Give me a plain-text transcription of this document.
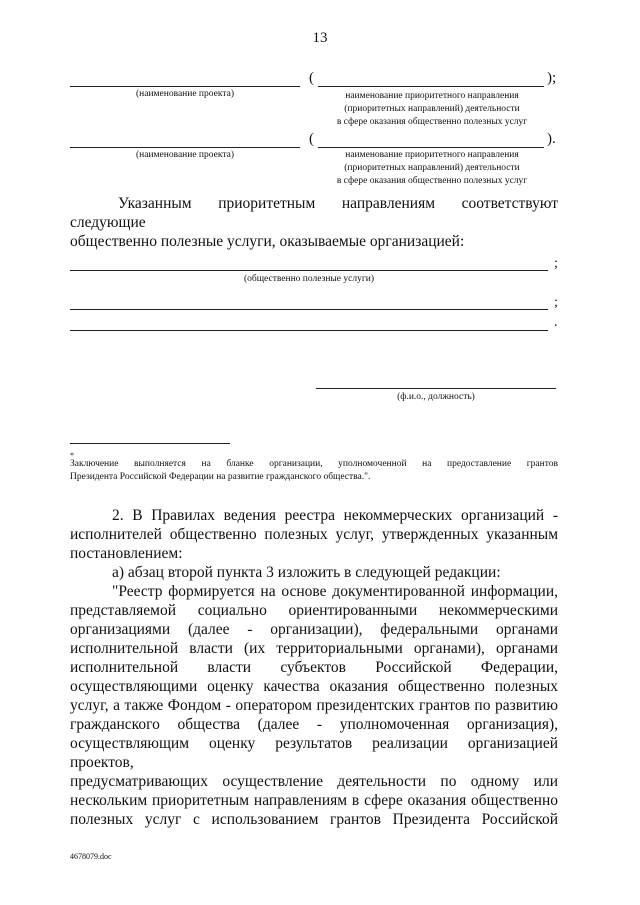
13
(наименование проекта)
(	);
наименование приоритетного направления
(приоритетных направлений) деятельности
в сфере оказания общественно полезных услуг
(наименование проекта)
(	).
наименование приоритетного направления
(приоритетных направлений) деятельности
в сфере оказания общественно полезных услуг
Указанным приоритетным направлениям соответствуют следующие
общественно полезные услуги, оказываемые организацией:
;
(общественно полезные услуги)
;
.
(ф.и.о., должность)
*
Заключение выполняется на бланке организации, уполномоченной на предоставление грантов
Президента Российской Федерации на развитие гражданского общества.".
2. В Правилах ведения реестра некоммерческих организаций -
исполнителей общественно полезных услуг, утвержденных указанным
постановлением:
а) абзац второй пункта 3 изложить в следующей редакции:
"Реестр формируется на основе документированной информации,
представляемой социально ориентированными некоммерческими
организациями (далее - организации), федеральными органами
исполнительной власти (их территориальными органами), органами
исполнительной власти субъектов Российской Федерации,
осуществляющими оценку качества оказания общественно полезных
услуг, а также Фондом - оператором президентских грантов по развитию
гражданского общества (далее - уполномоченная организация),
осуществляющим оценку результатов реализации организацией проектов,
предусматривающих осуществление деятельности по одному или
нескольким приоритетным направлениям в сфере оказания общественно
полезных услуг с использованием грантов Президента Российской
4678079.doc
